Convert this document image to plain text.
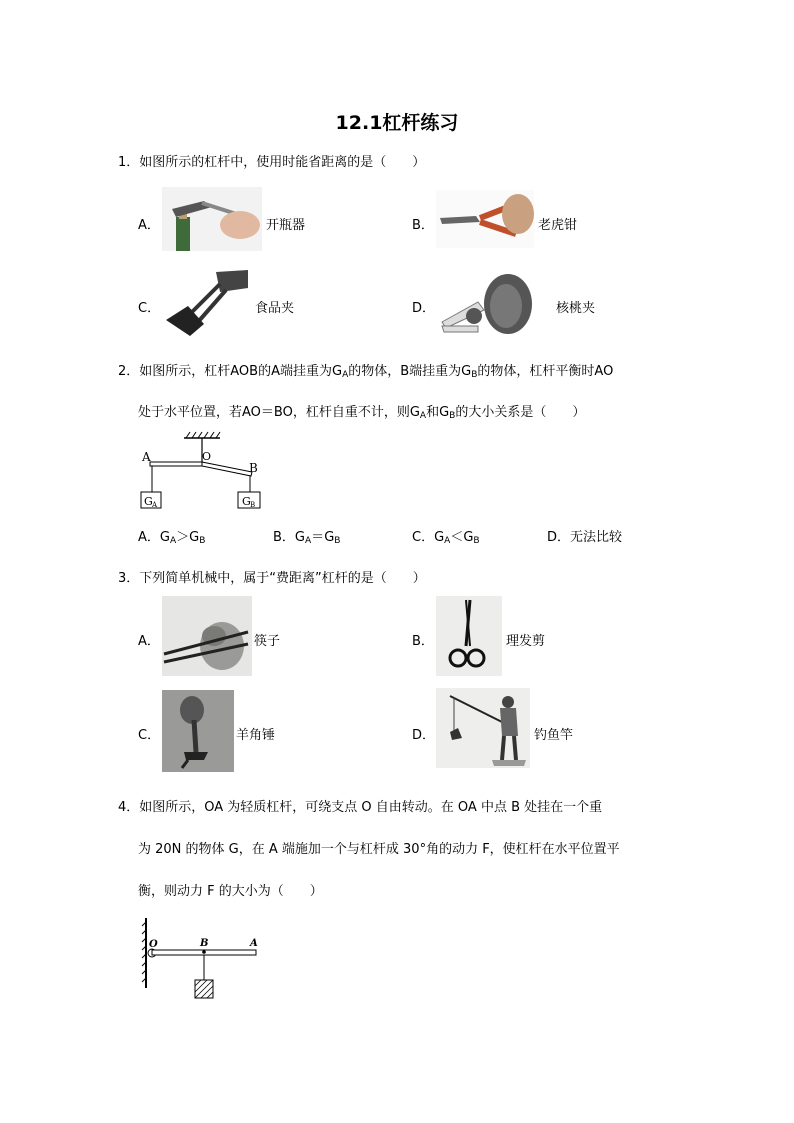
12.1杠杆练习
1．如图所示的杠杆中，使用时能省距离的是（　　）
A．	开瓶器	B．	老虎钳
C．	食品夹	D．	核桃夹
2．如图所示，杠杆AOB的A端挂重为$G_A$的物体，B端挂重为$G_B$的物体，杠杆平衡时AO
处于水平位置，若AO＝BO，杠杆自重不计，则$G_A$和$G_B$的大小关系是（　　）
A	O
B
G A	G B
A．$G_A>G_B$	B．$G_A=G_B$	C．$G_A<G_B$	D．无法比较
3．下列简单机械中，属于“费距离”杠杆的是（　　）
A．	筷子	B．	理发剪
C．	羊角锤	D．	钓鱼竿
4．如图所示，OA 为轻质杠杆，可绕支点 O 自由转动。在 OA 中点 B 处挂在一个重
为 20N 的物体 G，在 A 端施加一个与杠杆成 30°角的动力 F，使杠杆在水平位置平
衡，则动力 F 的大小为（　　）
O	B	A
